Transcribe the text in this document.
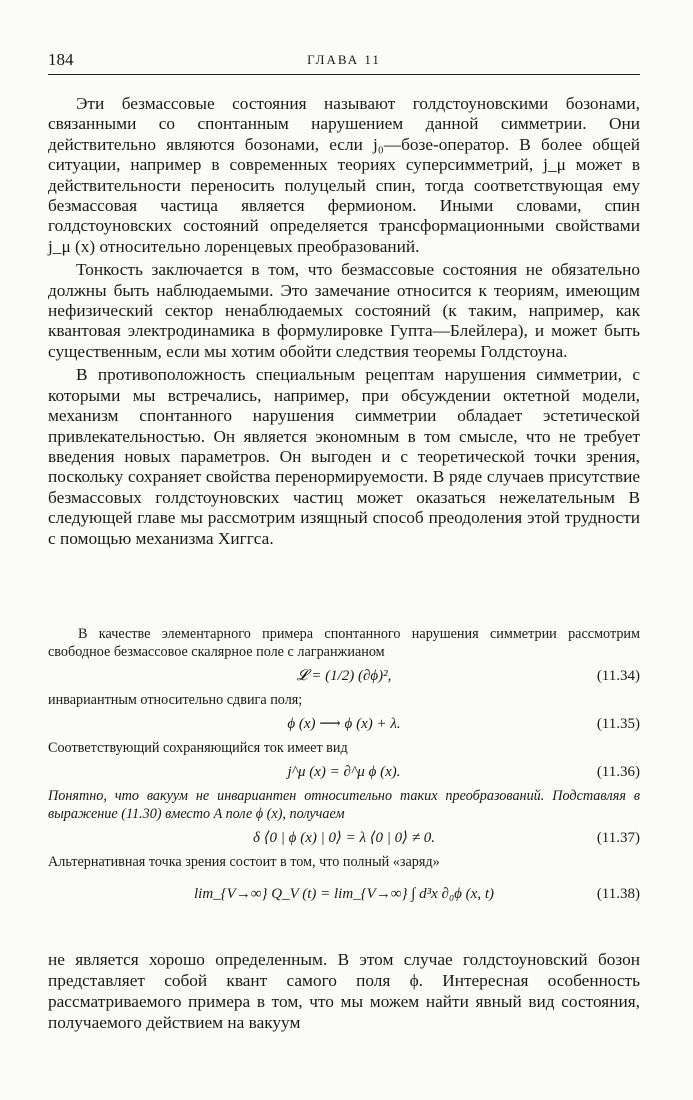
184	ГЛАВА 11

Эти безмассовые состояния называют голдстоуновскими бозонами, связанными со спонтанным нарушением данной симметрии. Они действительно являются бозонами, если j₀—бозе-оператор. В более общей ситуации, например в современных теориях суперсимметрий, j_μ может в действительности переносить полуцелый спин, тогда соответствующая ему безмассовая частица является фермионом. Иными словами, спин голдстоуновских состояний определяется трансформационными свойствами j_μ (x) относительно лоренцевых преобразований.

Тонкость заключается в том, что безмассовые состояния не обязательно должны быть наблюдаемыми. Это замечание относится к теориям, имеющим нефизический сектор ненаблюдаемых состояний (к таким, например, как квантовая электродинамика в формулировке Гупта—Блейлера), и может быть существенным, если мы хотим обойти следствия теоремы Голдстоуна.

В противоположность специальным рецептам нарушения симметрии, с которыми мы встречались, например, при обсуждении октетной модели, механизм спонтанного нарушения симметрии обладает эстетической привлекательностью. Он является экономным в том смысле, что не требует введения новых параметров. Он выгоден и с теоретической точки зрения, поскольку сохраняет свойства перенормируемости. В ряде случаев присутствие безмассовых голдстоуновских частиц может оказаться нежелательным В следующей главе мы рассмотрим изящный способ преодоления этой трудности с помощью механизма Хиггса.

В качестве элементарного примера спонтанного нарушения симметрии рассмотрим свободное безмассовое скалярное поле с лагранжианом

𝓛 = (1/2) (∂ϕ)²,	(11.34)

инвариантным относительно сдвига поля;

ϕ (x) ⟶ ϕ (x) + λ.	(11.35)

Соответствующий сохраняющийся ток имеет вид

j^μ (x) = ∂^μ ϕ (x).	(11.36)

Понятно, что вакуум не инвариантен относительно таких преобразований. Подставляя в выражение (11.30) вместо A поле ϕ (x), получаем

δ ⟨0 | ϕ (x) | 0⟩ = λ ⟨0 | 0⟩ ≠ 0.	(11.37)

Альтернативная точка зрения состоит в том, что полный «заряд»

lim_{V→∞} Q_V (t) = lim_{V→∞} ∫ d³x ∂₀ϕ (x, t)	(11.38)

не является хорошо определенным. В этом случае голдстоуновский бозон представляет собой квант самого поля ϕ. Интересная особенность рассматриваемого примера в том, что мы можем найти явный вид состояния, получаемого действием на вакуум
